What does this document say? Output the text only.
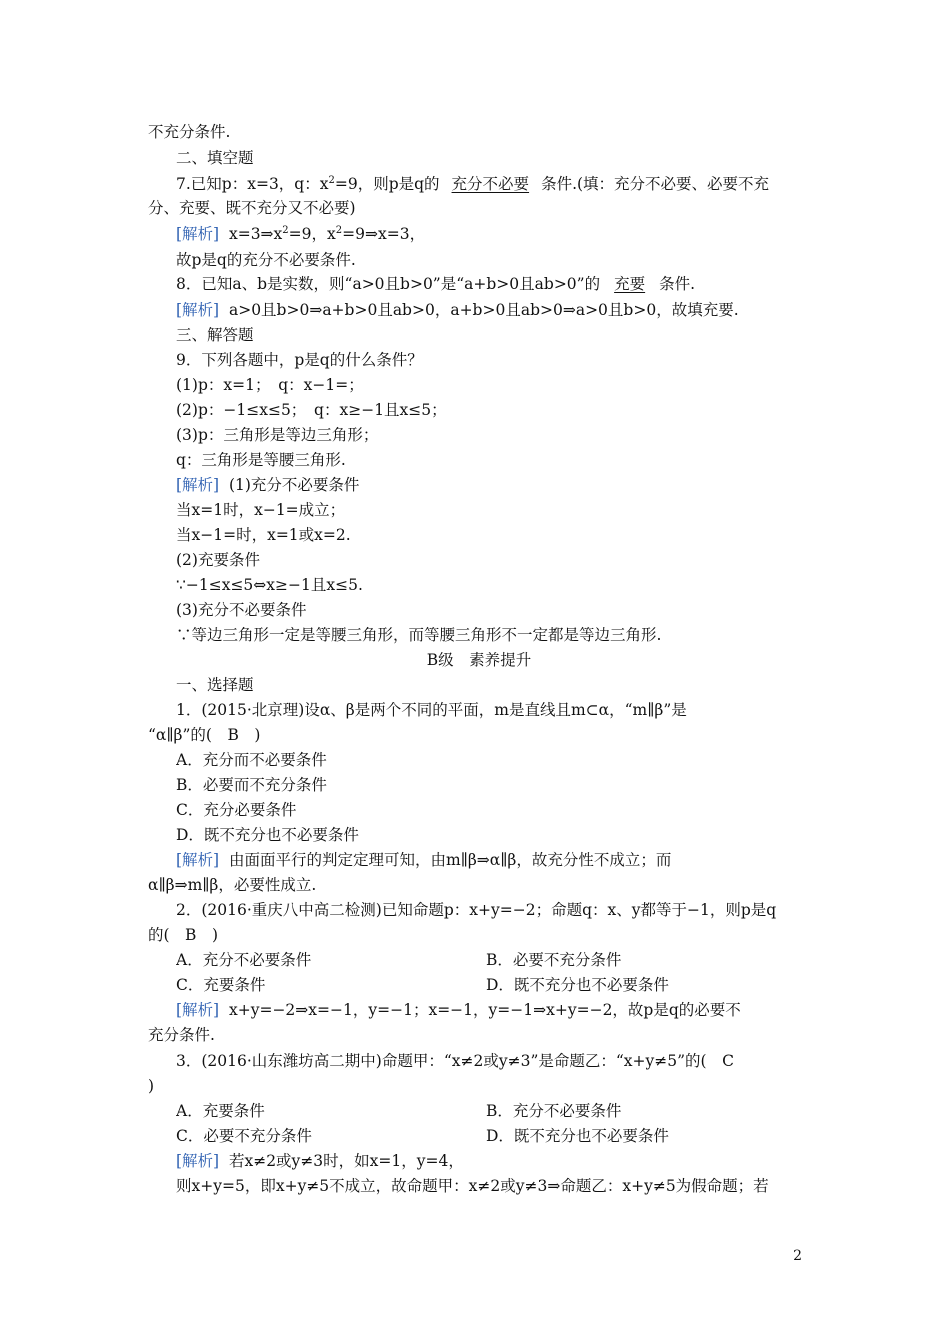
不充分条件.
二、填空题
7.已知p：x=3，q：$x^2=9$，则p是q的 充分不必要 条件.(填：充分不必要、必要不充
分、充要、既不充分又不必要)
[解析] $x=3\Rightarrow x^2=9$，$x^2=9\Rightarrow x=3$，
故p是q的充分不必要条件.
8．已知a、b是实数，则“a>0且b>0”是“a+b>0且ab>0”的 充要 条件.
[解析] a>0且b>0⇒a+b>0且ab>0，a+b>0且ab>0⇒a>0且b>0，故填充要.
三、解答题
9．下列各题中，p是q的什么条件？
(1)p：x=1；　q：x−1=；
(2)p：−1≤x≤5；　q：x≥−1且x≤5；
(3)p：三角形是等边三角形；
q：三角形是等腰三角形.
[解析] (1)充分不必要条件
当x=1时，x−1=成立；
当x−1=时，x=1或x=2.
(2)充要条件
∵−1≤x≤5⇔x≥−1且x≤5.
(3)充分不必要条件
∵等边三角形一定是等腰三角形，而等腰三角形不一定都是等边三角形.
B级　素养提升
一、选择题
1．(2015·北京理)设α、β是两个不同的平面，m是直线且m⊂α，“m∥β”是
“α∥β”的(　B　)
A．充分而不必要条件
B．必要而不充分条件
C．充分必要条件
D．既不充分也不必要条件
[解析] 由面面平行的判定定理可知，由m∥β⇒α∥β，故充分性不成立；而
α∥β⇒m∥β，必要性成立.
2．(2016·重庆八中高二检测)已知命题p：x+y=−2；命题q：x、y都等于−1，则p是q
的(　B　)
A．充分不必要条件	B．必要不充分条件
C．充要条件	D．既不充分也不必要条件
[解析] x+y=−2⇒x=−1，y=−1；x=−1，y=−1⇒x+y=−2，故p是q的必要不
充分条件.
3．(2016·山东潍坊高二期中)命题甲：“x≠2或y≠3”是命题乙：“x+y≠5”的(　C
)
A．充要条件	B．充分不必要条件
C．必要不充分条件	D．既不充分也不必要条件
[解析] 若x≠2或y≠3时，如x=1，y=4，
则x+y=5，即x+y≠5不成立，故命题甲：x≠2或y≠3⇒命题乙：x+y≠5为假命题；若
2
